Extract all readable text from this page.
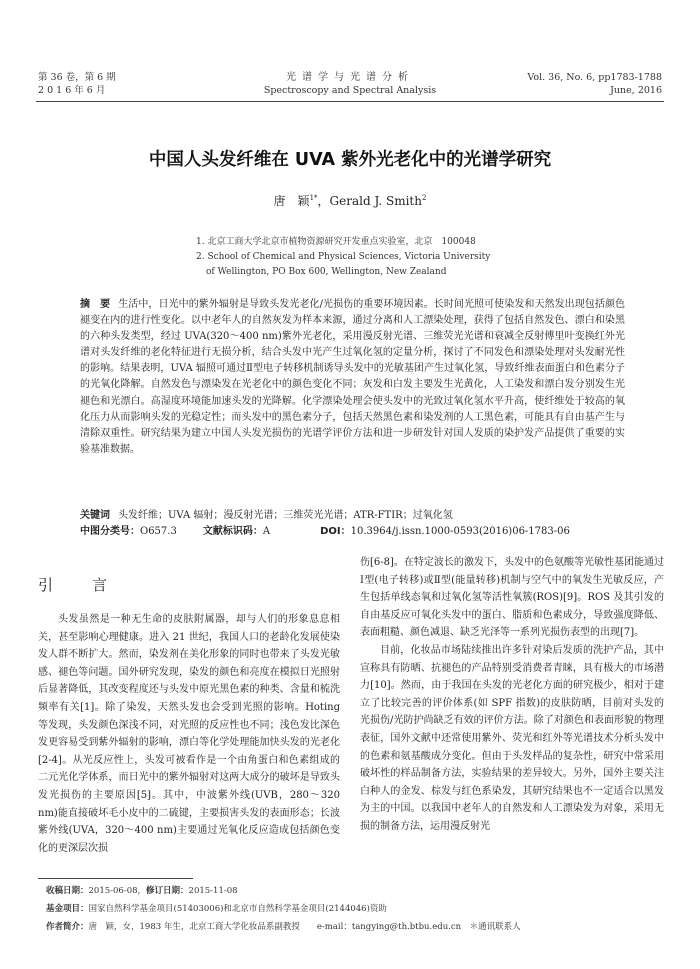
第 36 卷，第 6 期
2 0 1 6 年 6 月
光谱学与光谱分析
Spectroscopy and Spectral Analysis
Vol. 36, No. 6, pp1783-1788
June, 2016
中国人头发纤维在 UVA 紫外光老化中的光谱学研究
唐　颖$^{1*}$，Gerald J. Smith$^2$
1. 北京工商大学北京市植物资源研究开发重点实验室，北京　100048
2. School of Chemical and Physical Sciences, Victoria University
of Wellington, PO Box 600, Wellington, New Zealand
摘　要 生活中，日光中的紫外辐射是导致头发光老化/光损伤的重要环境因素。长时间光照可使染发和天然发出现包括颜色褪变在内的进行性变化。以中老年人的自然灰发为样本来源，通过分离和人工漂染处理，获得了包括自然发色、漂白和染黑的六种头发类型，经过 UVA(320～400 nm)紫外光老化，采用漫反射光谱、三维荧光光谱和衰减全反射傅里叶变换红外光谱对头发纤维的老化特征进行无损分析，结合头发中光产生过氧化氢的定量分析，探讨了不同发色和漂染处理对头发耐光性的影响。结果表明，UVA 辐照可通过Ⅱ型电子转移机制诱导头发中的光敏基团产生过氧化氢，导致纤维表面蛋白和色素分子的光氧化降解。自然发色与漂染发在光老化中的颜色变化不同；灰发和白发主要发生光黄化，人工染发和漂白发分别发生光褪色和光漂白。高湿度环境能加速头发的光降解。化学漂染处理会使头发中的光致过氧化氢水平升高，使纤维处于较高的氧化压力从而影响头发的光稳定性；而头发中的黑色素分子，包括天然黑色素和染发剂的人工黑色素，可能具有自由基产生与清除双重性。研究结果为建立中国人头发光损伤的光谱学评价方法和进一步研发针对国人发质的染护发产品提供了重要的实验基准数据。
关键词 头发纤维；UVA 辐射；漫反射光谱；三维荧光光谱；ATR-FTIR；过氧化氢
中图分类号：O657.3	文献标识码：A	DOI：10.3964/j.issn.1000-0593(2016)06-1783-06
引　言

头发虽然是一种无生命的皮肤附属器，却与人们的形象息息相关，甚至影响心理健康。进入 21 世纪，我国人口的老龄化发展使染发人群不断扩大。然而，染发剂在美化形象的同时也带来了头发光敏感、褪色等问题。国外研究发现，染发的颜色和亮度在模拟日光照射后显著降低，其改变程度还与头发中原光黑色素的种类、含量和梳洗频率有关[1]。除了染发，天然头发也会受到光照的影响。Hoting 等发现，头发颜色深浅不同，对光照的反应性也不同；浅色发比深色发更容易受到紫外辐射的影响，漂白等化学处理能加快头发的光老化[2-4]。从光反应性上，头发可被看作是一个由角蛋白和色素组成的二元光化学体系，而日光中的紫外辐射对这两大成分的破坏是导致头发光损伤的主要原因[5]。其中，中波紫外线(UVB，280～320 nm)能直接破坏毛小皮中的二硫键，主要损害头发的表面形态；长波紫外线(UVA，320～400 nm)主要通过光氧化反应造成包括颜色变化的更深层次损

伤[6-8]。在特定波长的激发下，头发中的色氨酸等光敏性基团能通过Ⅰ型(电子转移)或Ⅱ型(能量转移)机制与空气中的氧发生光敏反应，产生包括单线态氧和过氧化氢等活性氧簇(ROS)[9]。ROS 及其引发的自由基反应可氧化头发中的蛋白、脂质和色素成分，导致强度降低、表面粗糙、颜色减退、缺乏光泽等一系列光损伤表型的出现[7]。

目前，化妆品市场陆续推出许多针对染后发质的洗护产品，其中宣称具有防晒、抗褪色的产品特别受消费者青睐，具有极大的市场潜力[10]。然而，由于我国在头发的光老化方面的研究极少，相对于建立了比较完善的评价体系(如 SPF 指数)的皮肤防晒，目前对头发的光损伤/光防护尚缺乏有效的评价方法。除了对颜色和表面形貌的物理表征，国外文献中还常使用紫外、荧光和红外等光谱技术分析头发中的色素和氨基酸成分变化。但由于头发样品的复杂性，研究中常采用破坏性的样品制备方法，实验结果的差异较大。另外，国外主要关注白种人的金发、棕发与红色系染发，其研究结果也不一定适合以黑发为主的中国。以我国中老年人的自然发和人工漂染发为对象，采用无损的制备方法，运用漫反射光

收稿日期：2015-06-08，修订日期：2015-11-08
基金项目：国家自然科学基金项目(51403006)和北京市自然科学基金项目(2144046)资助
作者简介：唐　颖，女，1983 年生，北京工商大学化妆品系副教授　　e-mail：tangying@th.btbu.edu.cn　＊通讯联系人
